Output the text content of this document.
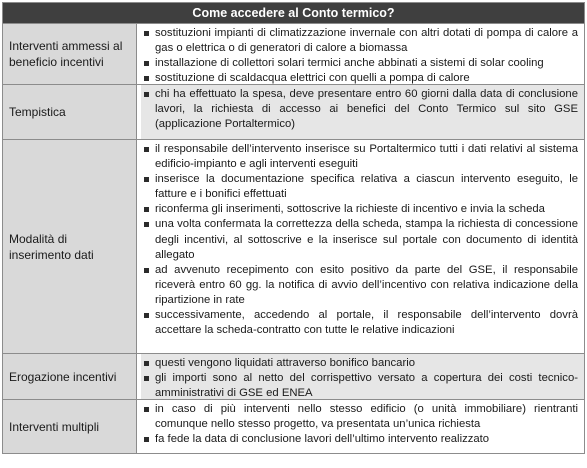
Come accedere al Conto termico?
Interventi ammessi al beneficio incentivi
sostituzioni impianti di climatizzazione invernale con altri dotati di pompa di calore a gas o elettrica o di generatori di calore a biomassa
installazione di collettori solari termici anche abbinati a sistemi di solar cooling
sostituzione di scaldacqua elettrici con quelli a pompa di calore
Tempistica
chi ha effettuato la spesa, deve presentare entro 60 giorni dalla data di conclusione lavori, la richiesta di accesso ai benefici del Conto Termico sul sito GSE (applicazione Portaltermico)
Modalità di inserimento dati
il responsabile dell’intervento inserisce su Portaltermico tutti i dati relativi al sistema edificio-impianto e agli interventi eseguiti
inserisce la documentazione specifica relativa a ciascun intervento eseguito, le fatture e i bonifici effettuati
riconferma gli inserimenti, sottoscrive la richieste di incentivo e invia la scheda
una volta confermata la correttezza della scheda, stampa la richiesta di concessione degli incentivi, al sottoscrive e la inserisce sul portale con documento di identità allegato
ad avvenuto recepimento con esito positivo da parte del GSE, il responsabile riceverà entro 60 gg. la notifica di avvio dell’incentivo con relativa indicazione della ripartizione in rate
successivamente, accedendo al portale, il responsabile dell’intervento dovrà accettare la scheda-contratto con tutte le relative indicazioni
Erogazione incentivi
questi vengono liquidati attraverso bonifico bancario
gli importi sono al netto del corrispettivo versato a copertura dei costi tecnico-amministrativi di GSE ed ENEA
Interventi multipli
in caso di più interventi nello stesso edificio (o unità immobiliare) rientranti comunque nello stesso progetto, va presentata un’unica richiesta
fa fede la data di conclusione lavori dell’ultimo intervento realizzato
